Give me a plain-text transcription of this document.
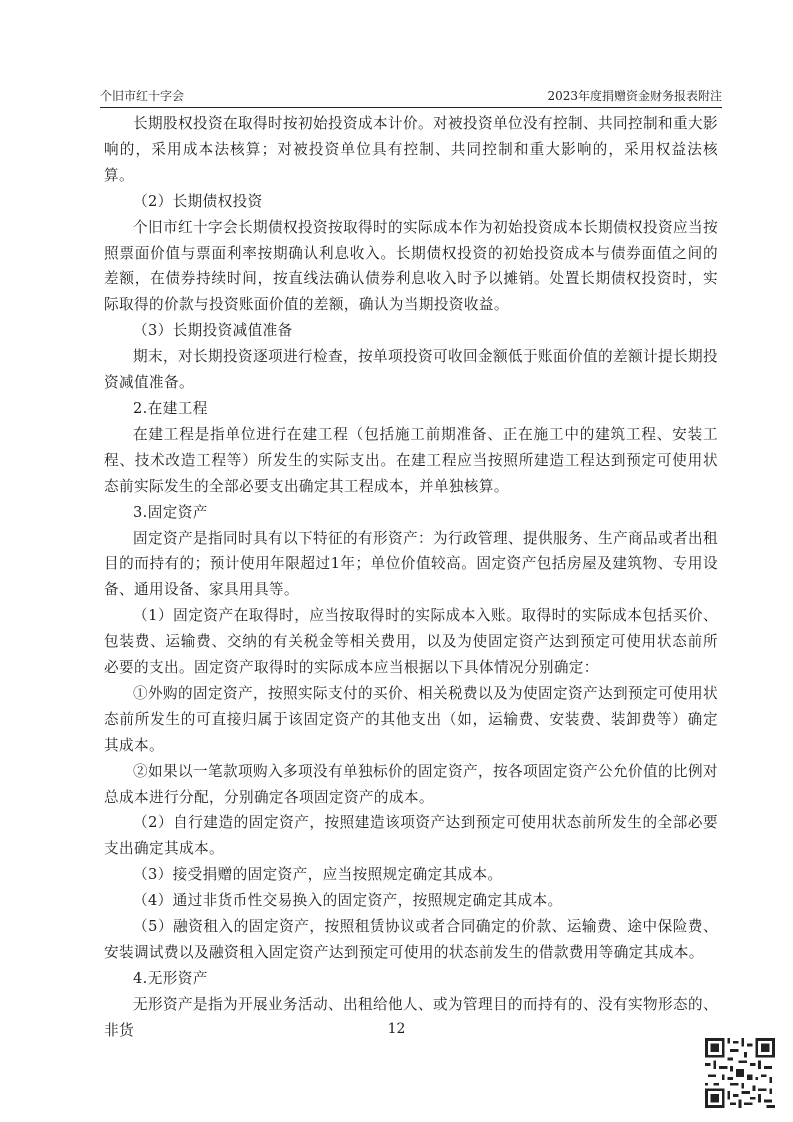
个旧市红十字会	2023年度捐赠资金财务报表附注

长期股权投资在取得时按初始投资成本计价。对被投资单位没有控制、共同控制和重大影响的，采用成本法核算；对被投资单位具有控制、共同控制和重大影响的，采用权益法核算。

（2）长期债权投资

个旧市红十字会长期债权投资按取得时的实际成本作为初始投资成本长期债权投资应当按照票面价值与票面利率按期确认利息收入。长期债权投资的初始投资成本与债券面值之间的差额，在债券持续时间，按直线法确认债券利息收入时予以摊销。处置长期债权投资时，实际取得的价款与投资账面价值的差额，确认为当期投资收益。

（3）长期投资减值准备

期末，对长期投资逐项进行检查，按单项投资可收回金额低于账面价值的差额计提长期投资减值准备。

2.在建工程

在建工程是指单位进行在建工程（包括施工前期准备、正在施工中的建筑工程、安装工程、技术改造工程等）所发生的实际支出。在建工程应当按照所建造工程达到预定可使用状态前实际发生的全部必要支出确定其工程成本，并单独核算。

3.固定资产

固定资产是指同时具有以下特征的有形资产：为行政管理、提供服务、生产商品或者出租目的而持有的；预计使用年限超过1年；单位价值较高。固定资产包括房屋及建筑物、专用设备、通用设备、家具用具等。

（1）固定资产在取得时，应当按取得时的实际成本入账。取得时的实际成本包括买价、包装费、运输费、交纳的有关税金等相关费用，以及为使固定资产达到预定可使用状态前所必要的支出。固定资产取得时的实际成本应当根据以下具体情况分别确定：

①外购的固定资产，按照实际支付的买价、相关税费以及为使固定资产达到预定可使用状态前所发生的可直接归属于该固定资产的其他支出（如，运输费、安装费、装卸费等）确定其成本。

②如果以一笔款项购入多项没有单独标价的固定资产，按各项固定资产公允价值的比例对总成本进行分配，分别确定各项固定资产的成本。

（2）自行建造的固定资产，按照建造该项资产达到预定可使用状态前所发生的全部必要支出确定其成本。

（3）接受捐赠的固定资产，应当按照规定确定其成本。

（4）通过非货币性交易换入的固定资产，按照规定确定其成本。

（5）融资租入的固定资产，按照租赁协议或者合同确定的价款、运输费、途中保险费、安装调试费以及融资租入固定资产达到预定可使用的状态前发生的借款费用等确定其成本。

4.无形资产

无形资产是指为开展业务活动、出租给他人、或为管理目的而持有的、没有实物形态的、非货	12
